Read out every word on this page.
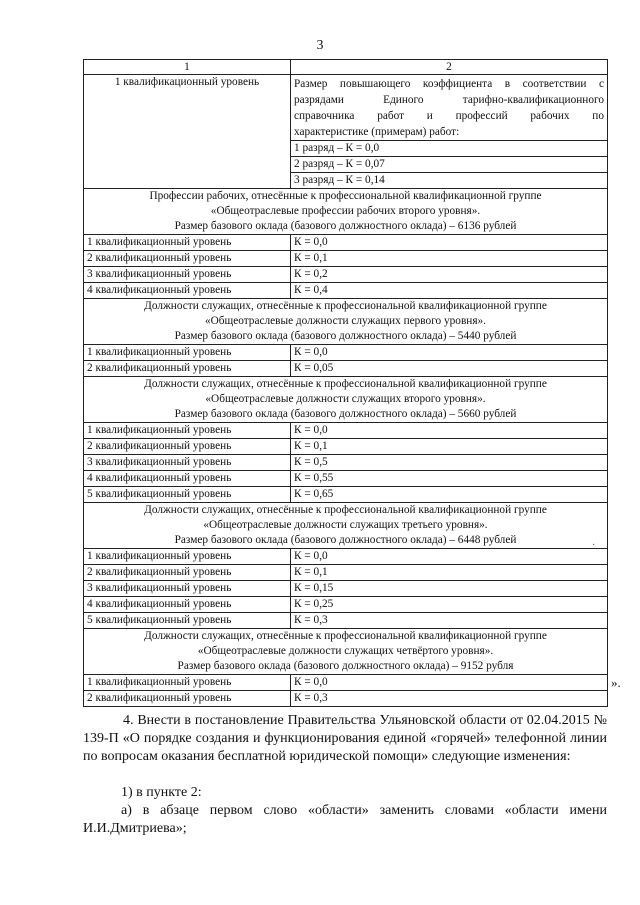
3
1	2
1 квалификационный уровень	Размер повышающего коэффициента в соответствии с
разрядами Единого тарифно-квалификационного
справочника работ и профессий рабочих по
характеристике (примерам) работ:

	1 разряд – К = 0,0
	2 разряд – К = 0,07
	3 разряд – К = 0,14

Профессии рабочих, отнесённые к профессиональной квалификационной группе
«Общеотраслевые профессии рабочих второго уровня».
Размер базового оклада (базового должностного оклада) – 6136 рублей	

1 квалификационный уровень	К = 0,0
2 квалификационный уровень	К = 0,1
3 квалификационный уровень	К = 0,2
4 квалификационный уровень	К = 0,4

Должности служащих, отнесённые к профессиональной квалификационной группе
«Общеотраслевые должности служащих первого уровня».
Размер базового оклада (базового должностного оклада) – 5440 рублей	

1 квалификационный уровень	К = 0,0
2 квалификационный уровень	К = 0,05

Должности служащих, отнесённые к профессиональной квалификационной группе
«Общеотраслевые должности служащих второго уровня».
Размер базового оклада (базового должностного оклада) – 5660 рублей	

1 квалификационный уровень	К = 0,0
2 квалификационный уровень	К = 0,1
3 квалификационный уровень	К = 0,5
4 квалификационный уровень	К = 0,55
5 квалификационный уровень	К = 0,65

Должности служащих, отнесённые к профессиональной квалификационной группе
«Общеотраслевые должности служащих третьего уровня».
Размер базового оклада (базового должностного оклада) – 6448 рублей	

1 квалификационный уровень	К = 0,0
2 квалификационный уровень	К = 0,1
3 квалификационный уровень	К = 0,15
4 квалификационный уровень	К = 0,25
5 квалификационный уровень	К = 0,3

Должности служащих, отнесённые к профессиональной квалификационной группе
«Общеотраслевые должности служащих четвёртого уровня».
Размер базового оклада (базового должностного оклада) – 9152 рубля	

1 квалификационный уровень	К = 0,0
2 квалификационный уровень	К = 0,3
·
».
4. Внести в постановление Правительства Ульяновской области от 02.04.2015 № 139-П «О порядке создания и функционирования единой «горячей» телефонной линии по вопросам оказания бесплатной юридической помощи» следующие изменения:
1) в пункте 2:
а) в абзаце первом слово «области» заменить словами «области имени И.И.Дмитриева»;
